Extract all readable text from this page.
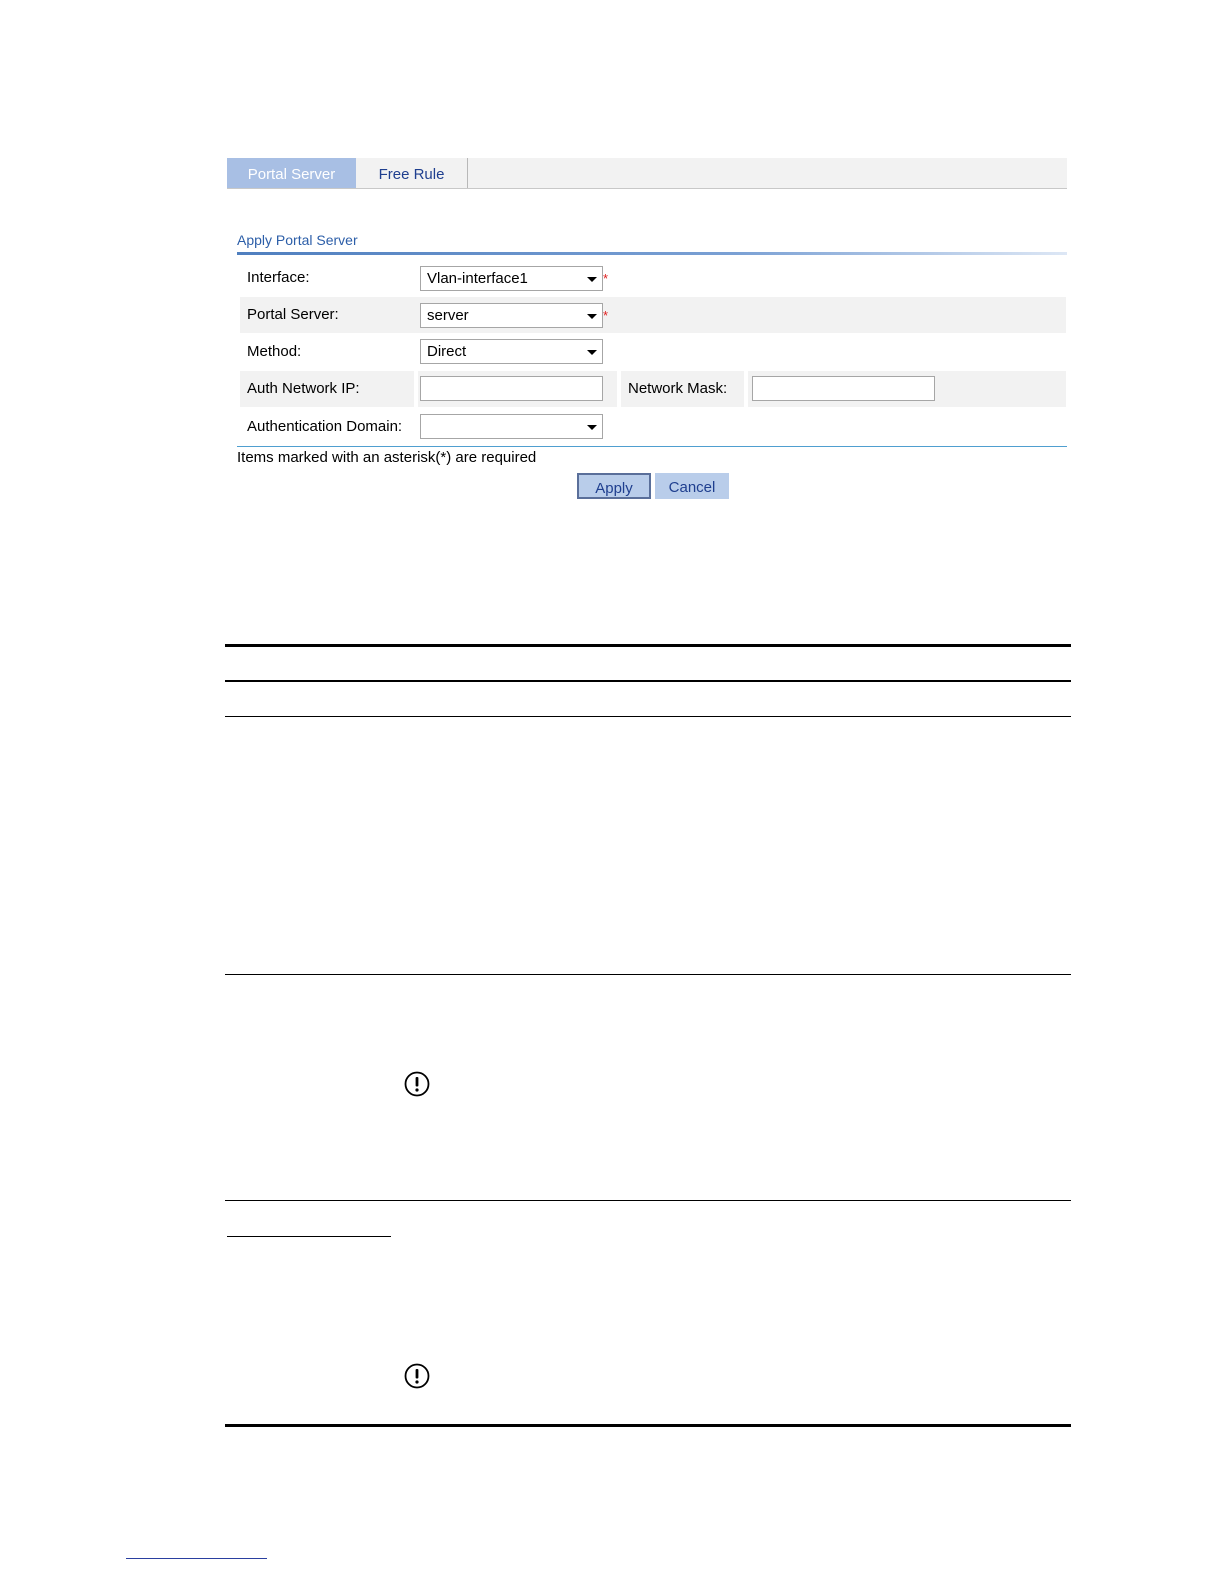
Portal Server	Free Rule
Apply Portal Server
Interface:	Vlan-interface1	*
Portal Server:	server	*
Method:	Direct
Auth Network IP:	Network Mask:
Authentication Domain:
Items marked with an asterisk(*) are required
Apply	Cancel
